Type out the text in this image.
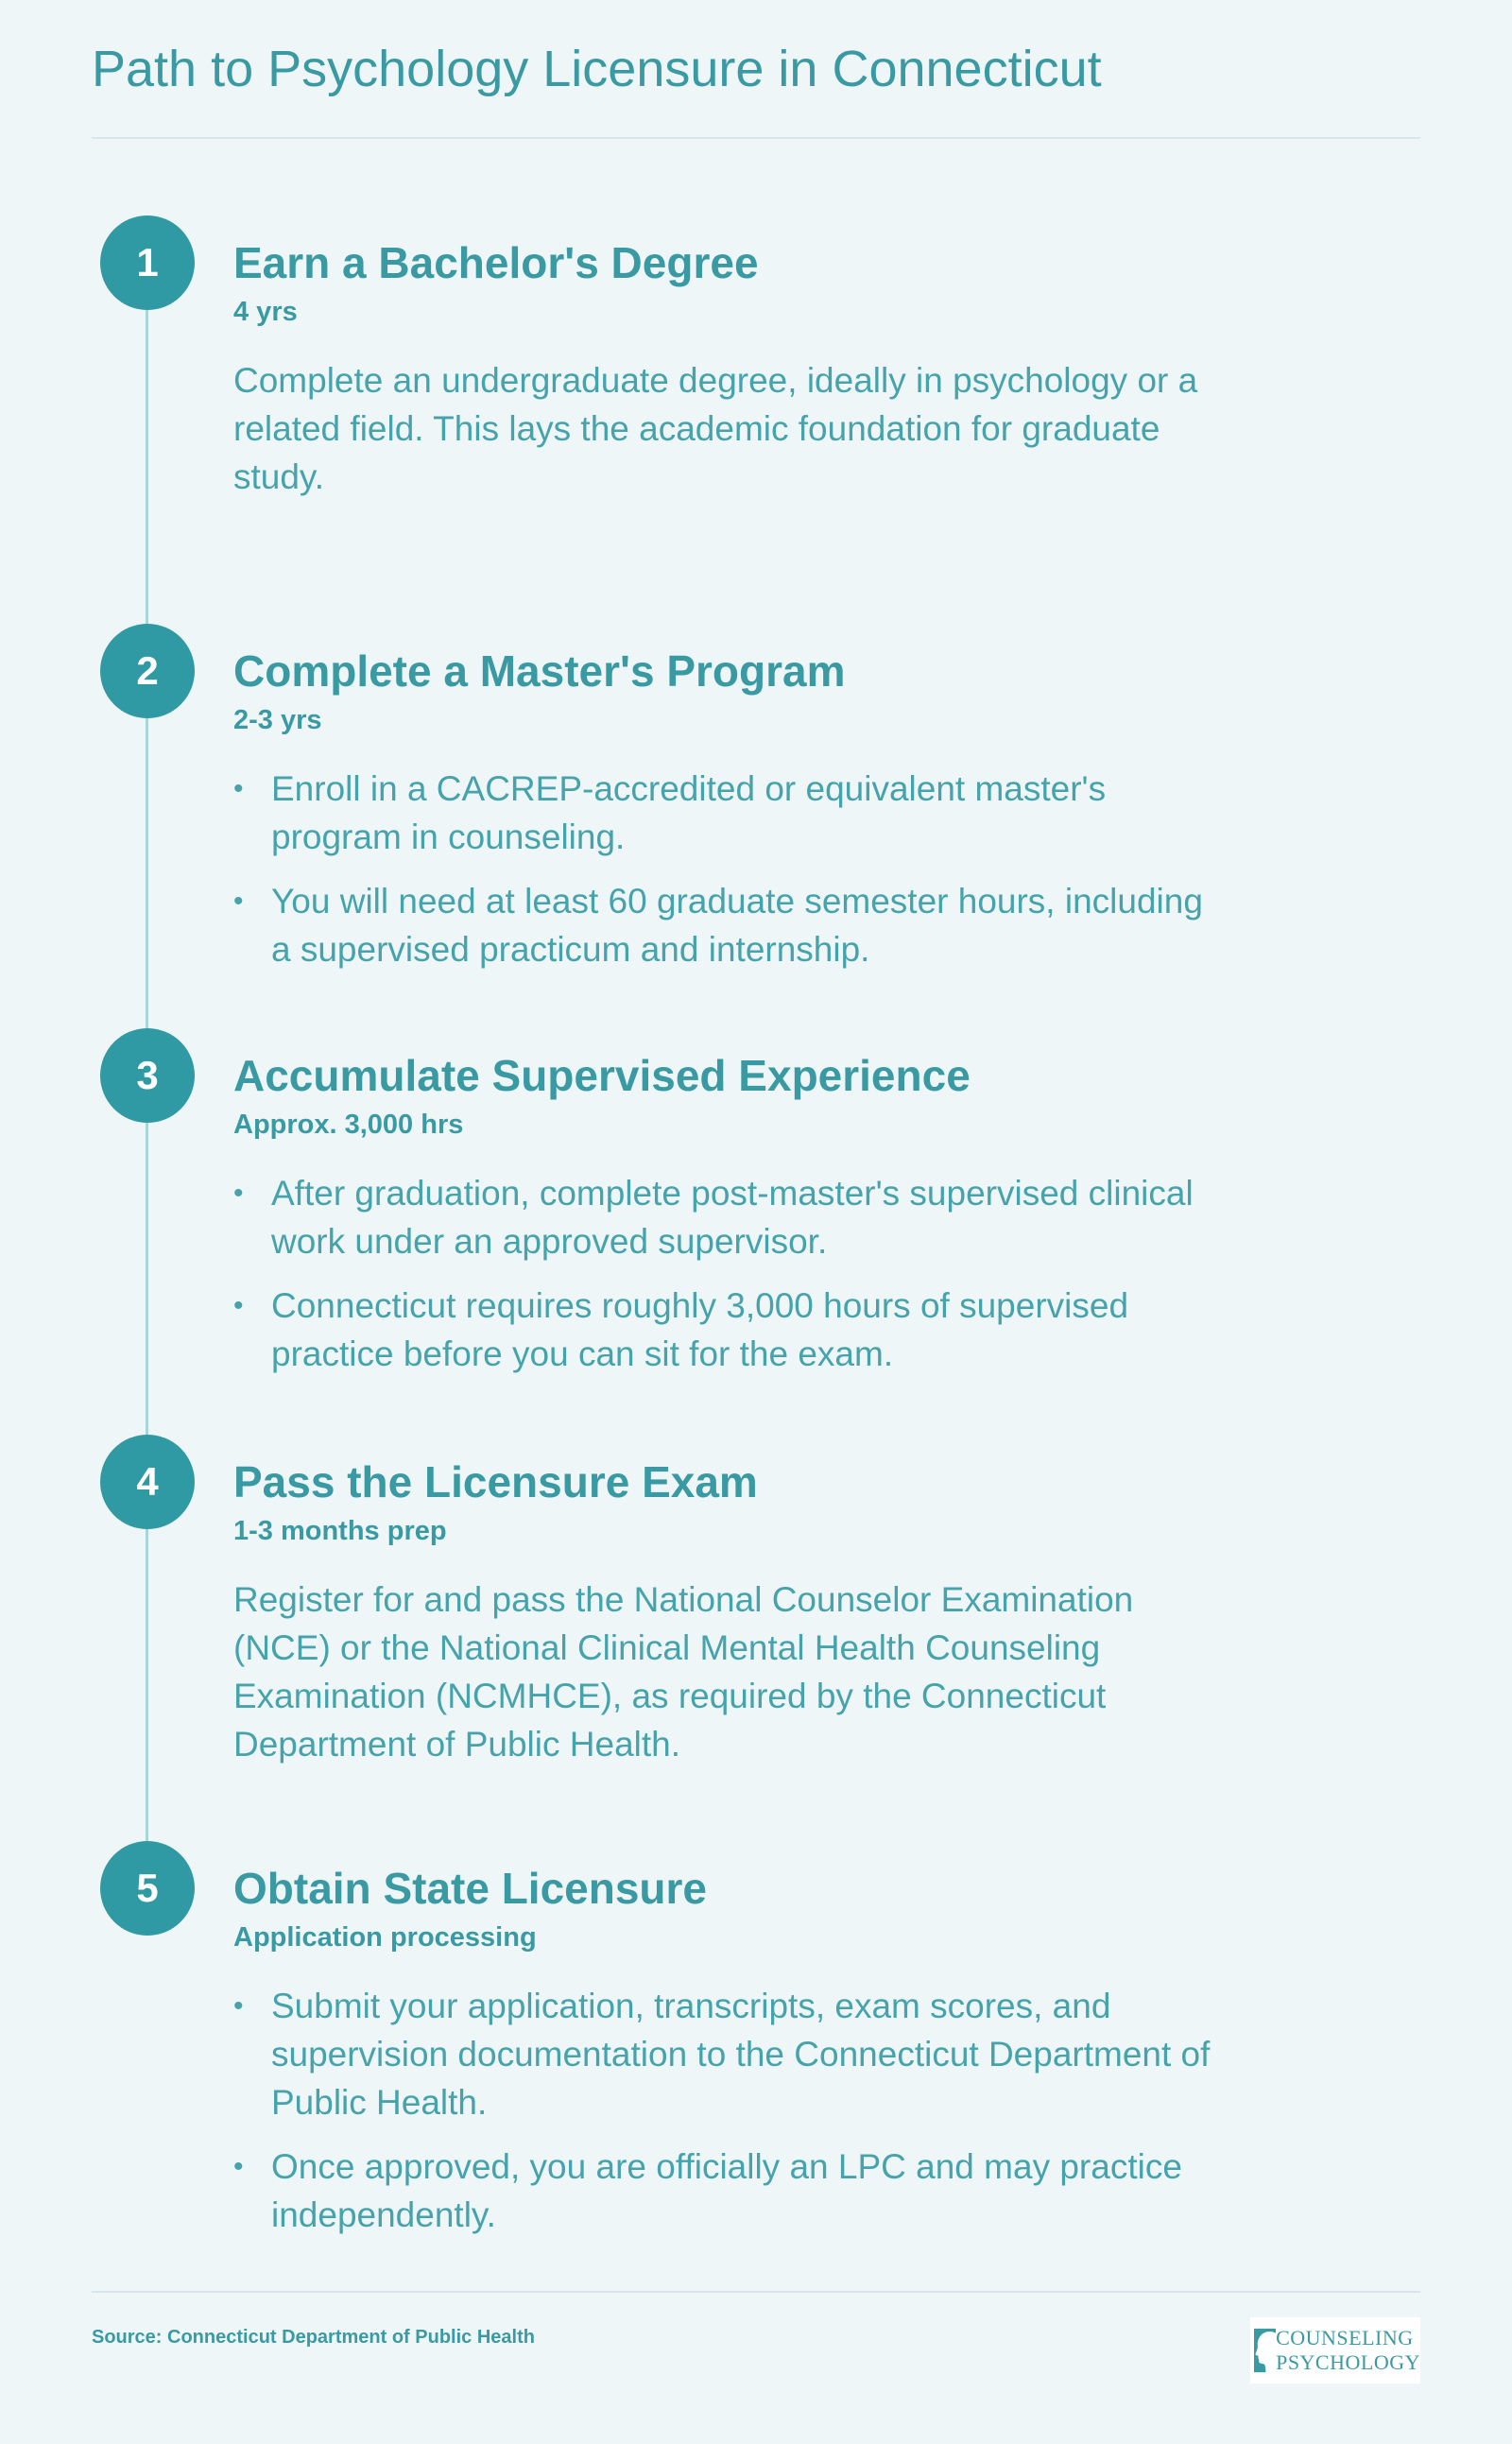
Path to Psychology Licensure in Connecticut
1	Earn a Bachelor's Degree
4 yrs
Complete an undergraduate degree, ideally in psychology or a related field. This lays the academic foundation for graduate study.
2	Complete a Master's Program
2-3 yrs
• Enroll in a CACREP-accredited or equivalent master's program in counseling.
• You will need at least 60 graduate semester hours, including a supervised practicum and internship.
3	Accumulate Supervised Experience
Approx. 3,000 hrs
• After graduation, complete post-master's supervised clinical work under an approved supervisor.
• Connecticut requires roughly 3,000 hours of supervised practice before you can sit for the exam.
4	Pass the Licensure Exam
1-3 months prep
Register for and pass the National Counselor Examination (NCE) or the National Clinical Mental Health Counseling Examination (NCMHCE), as required by the Connecticut Department of Public Health.
5	Obtain State Licensure
Application processing
• Submit your application, transcripts, exam scores, and supervision documentation to the Connecticut Department of Public Health.
• Once approved, you are officially an LPC and may practice independently.
Source: Connecticut Department of Public Health	COUNSELING
PSYCHOLOGY
